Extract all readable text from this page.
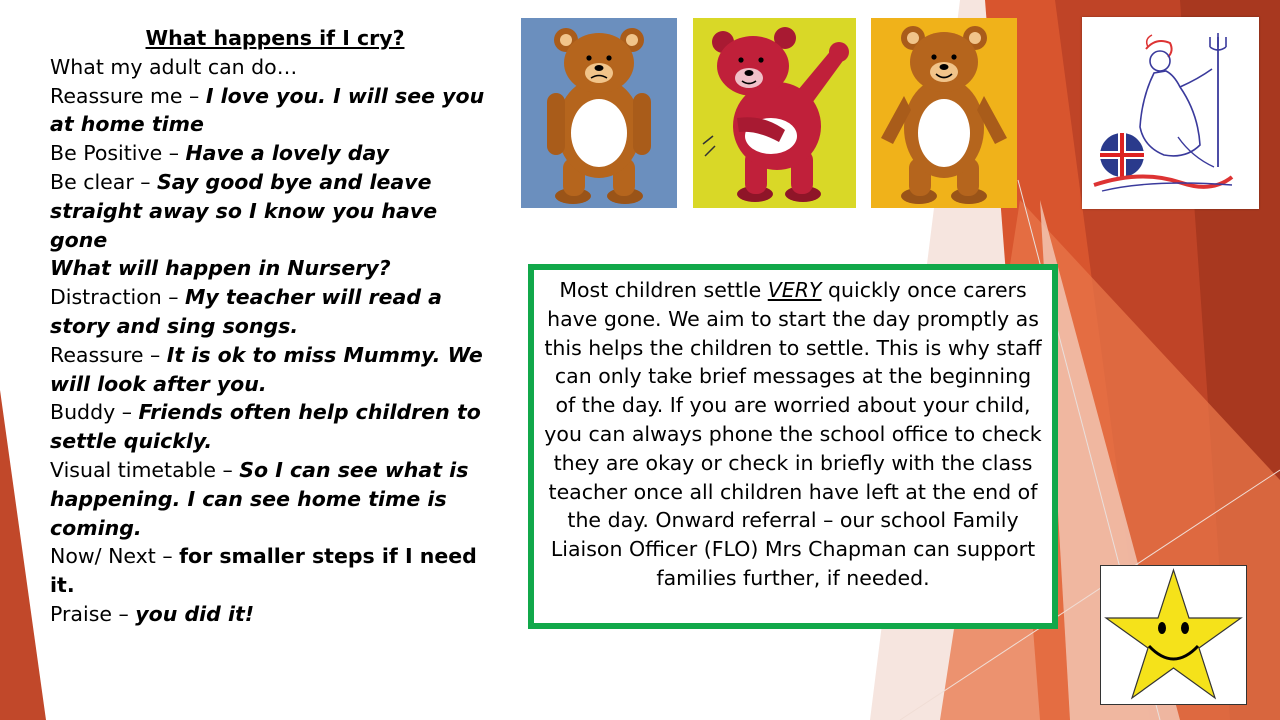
What happens if I cry?

What my adult can do…

Reassure me – I love you. I will see you at home time

Be Positive – Have a lovely day

Be clear – Say good bye and leave straight away so I know you have gone

What will happen in Nursery?

Distraction – My teacher will read a story and sing songs.

Reassure – It is ok to miss Mummy. We will look after you.

Buddy – Friends often help children to settle quickly.

Visual timetable – So I can see what is happening. I can see home time is coming.

Now/ Next – for smaller steps if I need it.

Praise – you did it!

Most children settle VERY quickly once carers have gone. We aim to start the day promptly as this helps the children to settle. This is why staff can only take brief messages at the beginning of the day. If you are worried about your child, you can always phone the school office to check they are okay or check in briefly with the class teacher once all children have left at the end of the day. Onward referral – our school Family Liaison Officer (FLO) Mrs Chapman can support families further, if needed.
